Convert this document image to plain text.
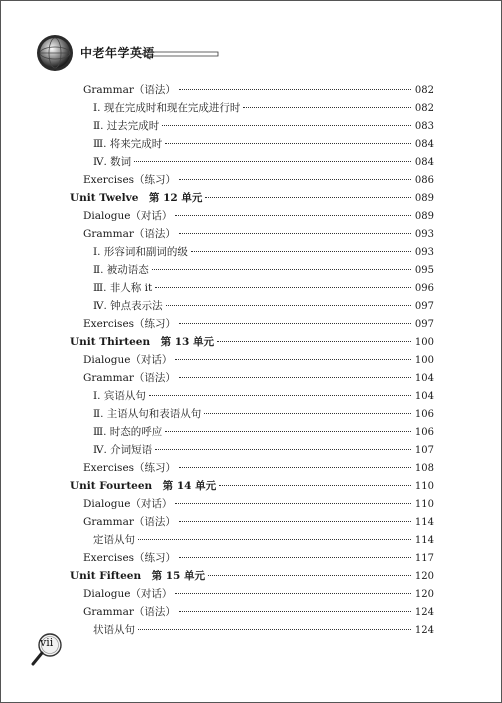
中老年学英语
Grammar（语法）	082
Ⅰ. 现在完成时和现在完成进行时	082
Ⅱ. 过去完成时	083
Ⅲ. 将来完成时	084
Ⅳ. 数词	084
Exercises（练习）	086
Unit Twelve　第 12 单元	089
Dialogue（对话）	089
Grammar（语法）	093
Ⅰ. 形容词和副词的级	093
Ⅱ. 被动语态	095
Ⅲ. 非人称 it	096
Ⅳ. 钟点表示法	097
Exercises（练习）	097
Unit Thirteen　第 13 单元	100
Dialogue（对话）	100
Grammar（语法）	104
Ⅰ. 宾语从句	104
Ⅱ. 主语从句和表语从句	106
Ⅲ. 时态的呼应	106
Ⅳ. 介词短语	107
Exercises（练习）	108
Unit Fourteen　第 14 单元	110
Dialogue（对话）	110
Grammar（语法）	114
定语从句	114
Exercises（练习）	117
Unit Fifteen　第 15 单元	120
Dialogue（对话）	120
Grammar（语法）	124
状语从句	124
vii
